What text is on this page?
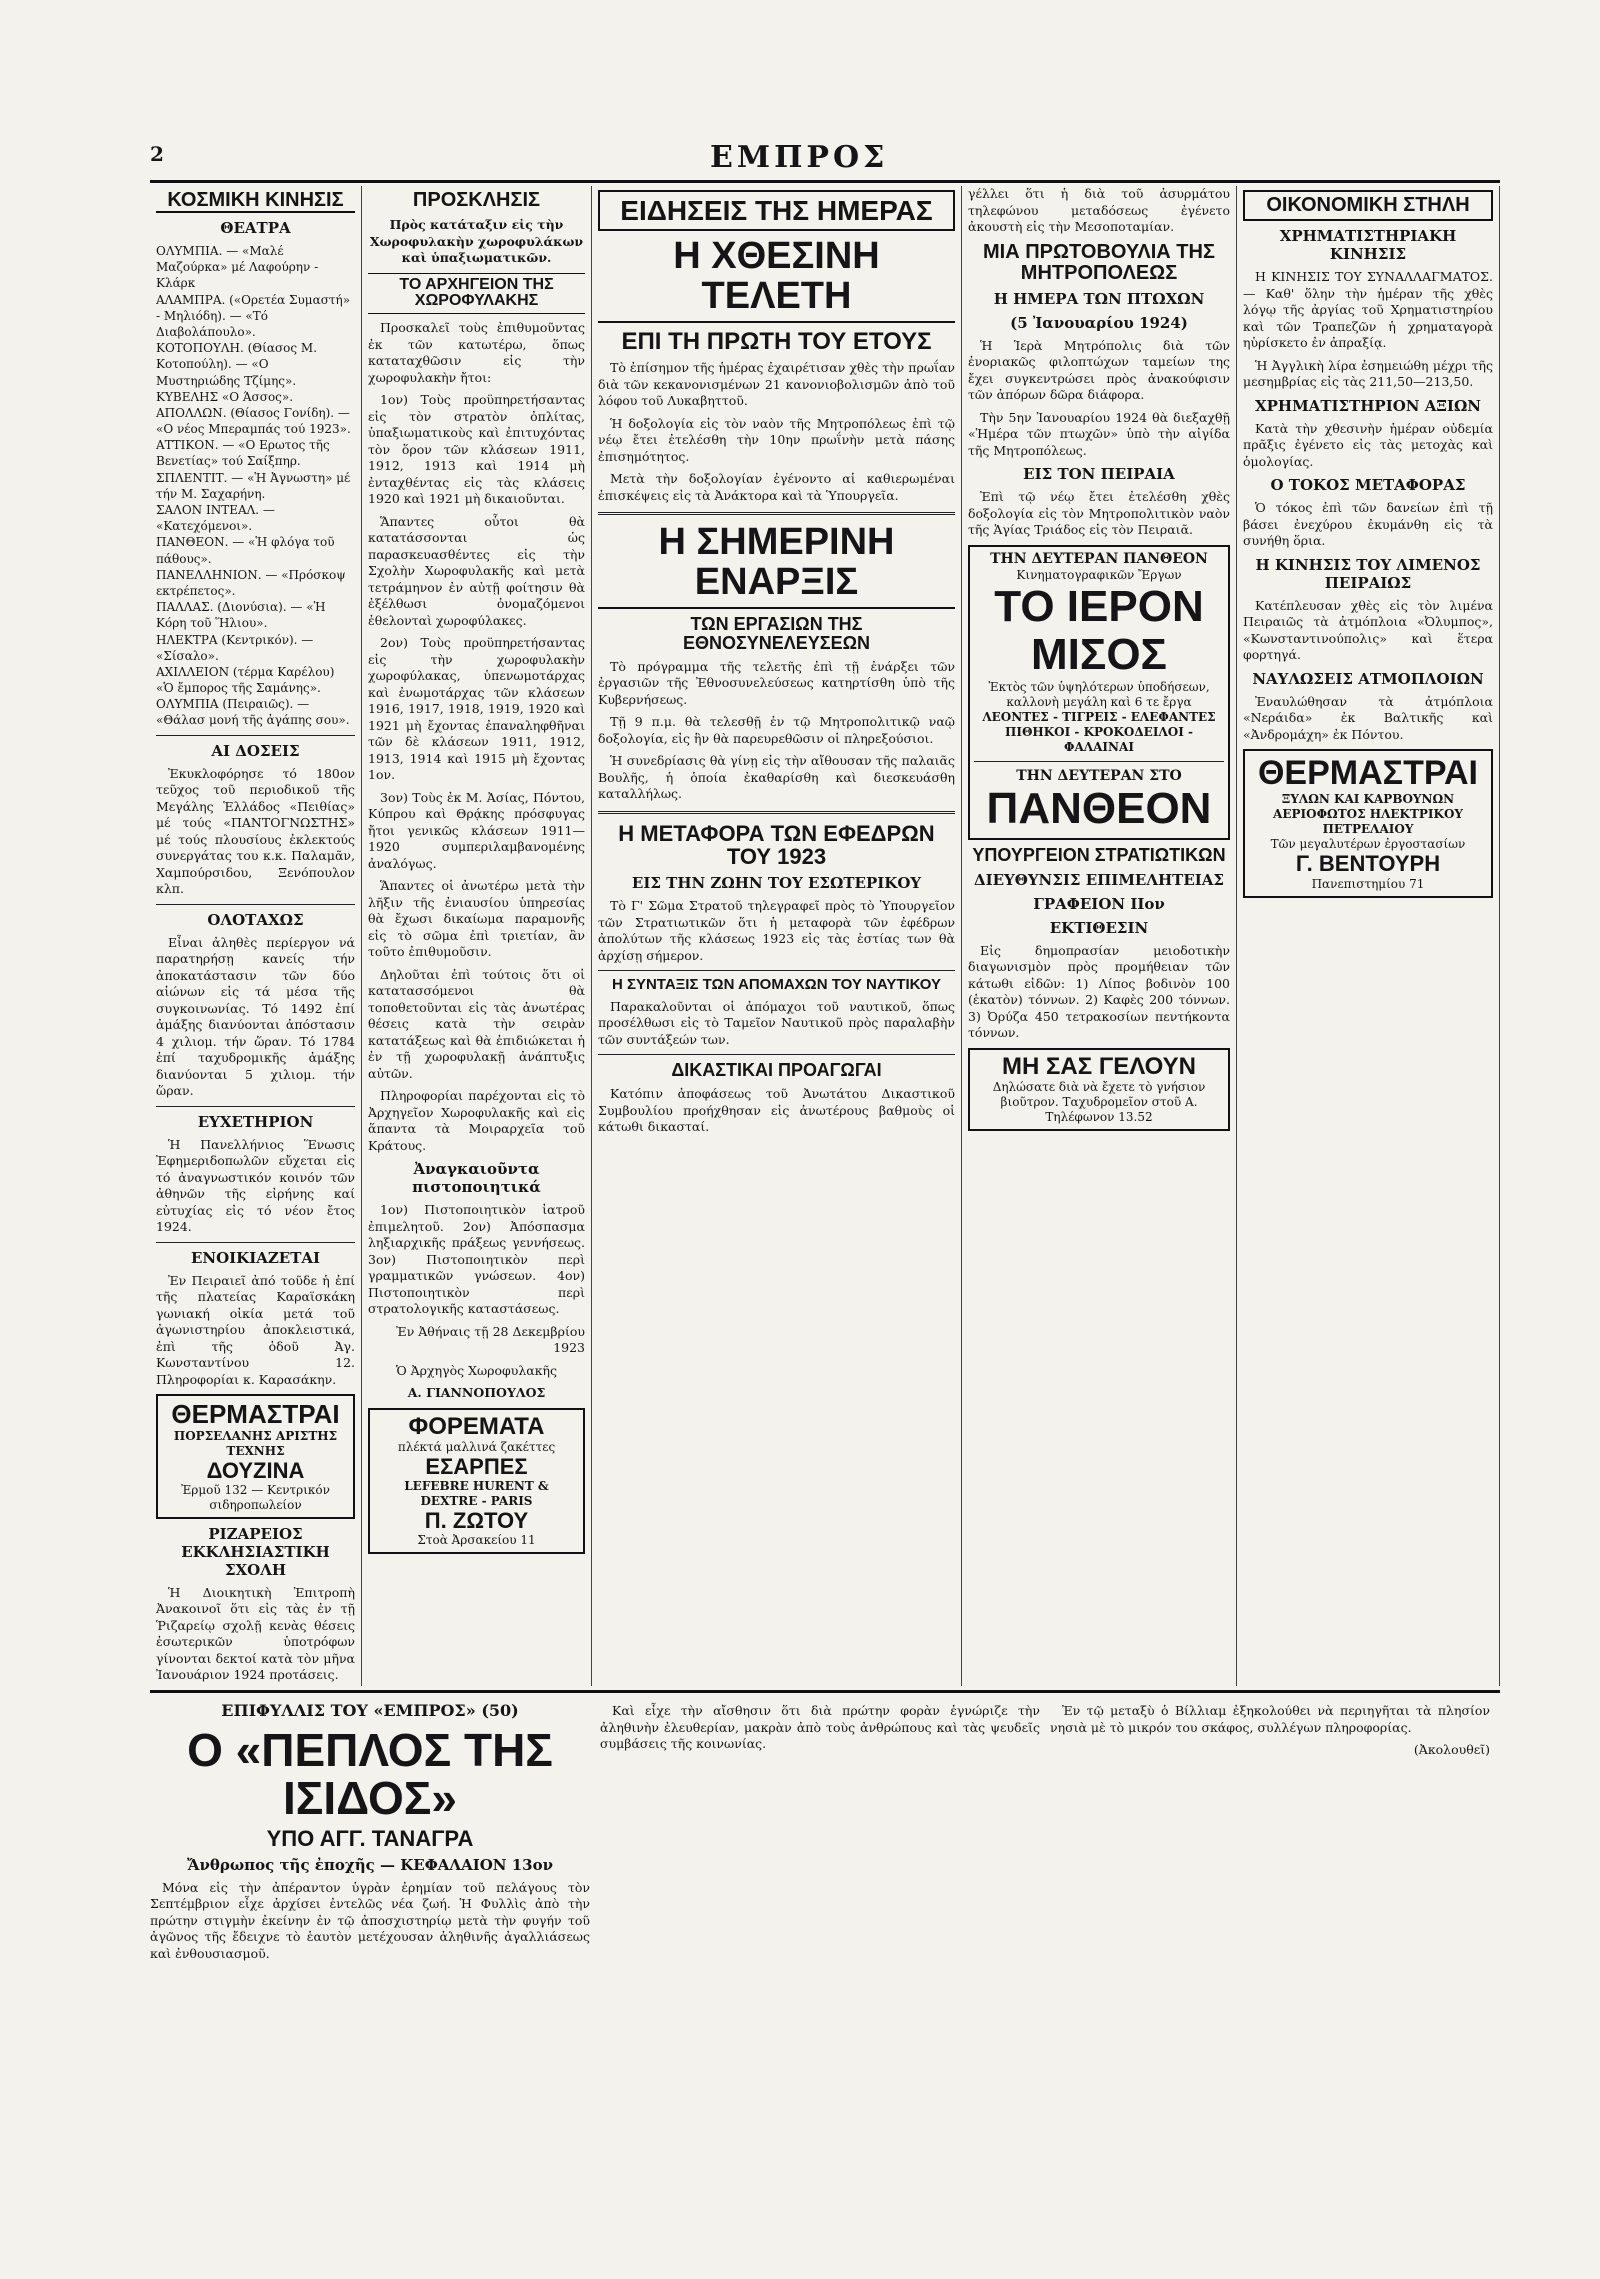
2	ΕΜΠΡΟΣ
ΚΟΣΜΙΚΗ ΚΙΝΗΣΙΣ
ΘΕΑΤΡΑ
ΟΛΥΜΠΙΑ. — «Μαλέ Μαζούρκα» μέ Λαφούρην - Κλάρκ
ΑΛΑΜΠΡΑ. («Ορετέα Συμαστή» - Μηλιόδη). — «Τό Διαβολάπουλο».
ΚΟΤΟΠΟΥΛΗ. (Θίασος Μ. Κοτοπούλη). — «Ο Μυστηριώδης Τζίμης».
ΚΥΒΕΛΗΣ «Ο Άσσος».
ΑΠΟΛΛΩΝ. (Θίασος Γονίδη). — «Ο νέος Μπεραμπάς τού 1923».
ΑΤΤΙΚΟΝ. — «Ο Ερωτος τῆς Βενετίας» τού Σαίξπηρ.
ΣΠΛΕΝΤΙΤ. — «Ἡ Ἀγνωστη» μέ τήν Μ. Σαχαρήνη.
ΣΑΛΟΝ ΙΝΤΕΑΛ. — «Κατεχόμενοι».
ΠΑΝΘΕΟΝ. — «Ἡ φλόγα τοῦ πάθους».
ΠΑΝΕΛΛΗΝΙΟΝ. — «Πρόσκοψ εκτρέπετος».
ΠΑΛΛΑΣ. (Διονύσια). — «Ἡ Κόρη τοῦ Ἥλιου».
ΗΛΕΚΤΡΑ (Κεντρικόν). — «Σίσαλο».
ΑΧΙΛΛΕΙΟΝ (τέρμα Καρέλου) «Ὁ ἔμπορος τῆς Σαμάνης».
ΟΛΥΜΠΙΑ (Πειραιῶς). — «Θάλασ μονή τῆς ἀγάπης σου».
ΑΙ ΔΟΣΕΙΣ

Ἐκυκλοφόρησε τό 180ον τεῦχος τοῦ περιοδικοῦ τῆς Μεγάλης Ἑλλάδος «Πειθίας» μέ τούς «ΠΑΝΤΟΓΝΩΣΤΗΣ» μέ τούς πλουσίους ἐκλεκτούς συνεργάτας του κ.κ. Παλαμᾶν, Χαμπούρσιδου, Ξενόπουλον κλπ.

ΟΛΟΤΑΧΩΣ

Εἶναι ἀληθὲς περίεργον νά παρατηρήσῃ κανείς τήν ἀποκατάστασιν τῶν δύο αἰώνων εἰς τά μέσα τῆς συγκοινωνίας. Τό 1492 ἐπί ἀμάξης διανύονται ἀπόστασιν 4 χιλιομ. τήν ὥραν. Τό 1784 ἐπί ταχυδρομικῆς ἀμάξης διανύονται 5 χιλιομ. τήν ὥραν.

ΕΥΧΕΤΗΡΙΟΝ

Ἡ Πανελλήνιος Ἕνωσις Ἐφημεριδοπωλῶν εὔχεται εἰς τό ἀναγνωστικόν κοινόν τῶν ἀθηνῶν τῆς εἰρήνης καί εὐτυχίας εἰς τό νέον ἔτος 1924.

ΕΝΟΙΚΙΑΖΕΤΑΙ

Ἐν Πειραιεῖ ἀπό τοῦδε ἡ ἐπί τῆς πλατείας Καραϊσκάκη γωνιακή οἰκία μετά τοῦ ἀγωνιστηρίου ἀποκλειστικά, ἐπὶ τῆς ὁδοῦ Ἀγ. Κωνσταντίνου 12. Πληροφορίαι κ. Καρασάκην.

ΘΕΡΜΑΣΤΡΑΙ
ΠΟΡΣΕΛΑΝΗΣ ΑΡΙΣΤΗΣ ΤΕΧΝΗΣ
ΔΟΥΖΙΝΑ
Ἐρμοῦ 132 — Κεντρικόν σιδηροπωλείον
ΡΙΖΑΡΕΙΟΣ ΕΚΚΛΗΣΙΑΣΤΙΚΗ ΣΧΟΛΗ

Ἡ Διοικητικὴ Ἐπιτροπὴ Ἀνακοινοῖ ὅτι εἰς τὰς ἐν τῇ Ῥιζαρείῳ σχολῇ κενὰς θέσεις ἐσωτερικῶν ὑποτρόφων γίνονται δεκτοί κατὰ τὸν μῆνα Ἰανουάριον 1924 προτάσεις.

ΠΡΟΣΚΛΗΣΙΣ

Πρὸς κατάταξιν εἰς τὴν Χωροφυλακὴν χωροφυλάκων καὶ ὑπαξιωματικῶν.

ΤΟ ΑΡΧΗΓΕΙΟΝ ΤΗΣ ΧΩΡΟΦΥΛΑΚΗΣ

Προσκαλεῖ τοὺς ἐπιθυμοῦντας ἐκ τῶν κατωτέρω, ὅπως καταταχθῶσιν εἰς τὴν χωροφυλακὴν ἤτοι:

1ον) Τοὺς προϋπηρετήσαντας εἰς τὸν στρατὸν ὀπλίτας, ὑπαξιωματικοὺς καὶ ἐπιτυχόντας τὸν ὅρον τῶν κλάσεων 1911, 1912, 1913 καὶ 1914 μὴ ἐνταχθέντας εἰς τὰς κλάσεις 1920 καὶ 1921 μὴ δικαιοῦνται.

Ἅπαντες οὗτοι θὰ κατατάσσονται ὡς παρασκευασθέντες εἰς τὴν Σχολὴν Χωροφυλακῆς καὶ μετὰ τετράμηνον ἐν αὐτῇ φοίτησιν θὰ ἐξέλθωσι ὀνομαζόμενοι ἐθελονταὶ χωροφύλακες.

2ον) Τοὺς προϋπηρετήσαντας εἰς τὴν χωροφυλακὴν χωροφύλακας, ὑπενωμοτάρχας καὶ ἐνωμοτάρχας τῶν κλάσεων 1916, 1917, 1918, 1919, 1920 καὶ 1921 μὴ ἔχοντας ἐπαναληφθῆναι τῶν δὲ κλάσεων 1911, 1912, 1913, 1914 καὶ 1915 μὴ ἔχοντας 1ον.

3ον) Τοὺς ἐκ Μ. Ἀσίας, Πόντου, Κύπρου καὶ Θρᾴκης πρόσφυγας ἤτοι γενικῶς κλάσεων 1911—1920 συμπεριλαμβανομένης ἀναλόγως.

Ἅπαντες οἱ ἀνωτέρω μετὰ τὴν λῆξιν τῆς ἐνιαυσίου ὑπηρεσίας θὰ ἔχωσι δικαίωμα παραμονῆς εἰς τὸ σῶμα ἐπὶ τριετίαν, ἂν τοῦτο ἐπιθυμοῦσιν.

Δηλοῦται ἐπὶ τούτοις ὅτι οἱ κατατασσόμενοι θὰ τοποθετοῦνται εἰς τὰς ἀνωτέρας θέσεις κατὰ τὴν σειρὰν κατατάξεως καὶ θὰ ἐπιδιώκεται ἡ ἐν τῇ χωροφυλακῇ ἀνάπτυξις αὐτῶν.

Πληροφορίαι παρέχονται εἰς τὸ Ἀρχηγεῖον Χωροφυλακῆς καὶ εἰς ἅπαντα τὰ Μοιραρχεῖα τοῦ Κράτους.

Ἀναγκαιοῦντα πιστοποιητικά

1ον) Πιστοποιητικὸν ἰατροῦ ἐπιμελητοῦ. 2ον) Ἀπόσπασμα ληξιαρχικῆς πράξεως γεννήσεως. 3ον) Πιστοποιητικὸν περὶ γραμματικῶν γνώσεων. 4ον) Πιστοποιητικὸν περὶ στρατολογικῆς καταστάσεως.

Ἐν Ἀθήναις τῇ 28 Δεκεμβρίου 1923

Ὁ Ἀρχηγὸς Χωροφυλακῆς

Α. ΓΙΑΝΝΟΠΟΥΛΟΣ

ΦΟΡΕΜΑΤΑ
πλέκτά μαλλινά ζακέττες
ΕΣΑΡΠΕΣ
LEFEBRE HURENT & DEXTRE - PARIS
Π. ΖΩΤΟΥ
Στοὰ Ἀρσακείου 11
ΕΙΔΗΣΕΙΣ ΤΗΣ ΗΜΕΡΑΣ
Η ΧΘΕΣΙΝΗ ΤΕΛΕΤΗ
ΕΠΙ ΤΗ ΠΡΩΤΗ ΤΟΥ ΕΤΟΥΣ

Τὸ ἐπίσημον τῆς ἡμέρας ἐχαιρέτισαν χθὲς τὴν πρωΐαν διὰ τῶν κεκανονισμένων 21 κανονιοβολισμῶν ἀπὸ τοῦ λόφου τοῦ Λυκαβηττοῦ.

Ἡ δοξολογία εἰς τὸν ναὸν τῆς Μητροπόλεως ἐπὶ τῷ νέῳ ἔτει ἐτελέσθη τὴν 10ην πρωΐνὴν μετὰ πάσης ἐπισημότητος.

Μετὰ τὴν δοξολογίαν ἐγένοντο αἱ καθιερωμέναι ἐπισκέψεις εἰς τὰ Ἀνάκτορα καὶ τὰ Ὑπουργεῖα.

Η ΣΗΜΕΡΙΝΗ ΕΝΑΡΞΙΣ
ΤΩΝ ΕΡΓΑΣΙΩΝ ΤΗΣ ΕΘΝΟΣΥΝΕΛΕΥΣΕΩΝ

Τὸ πρόγραμμα τῆς τελετῆς ἐπὶ τῇ ἐνάρξει τῶν ἐργασιῶν τῆς Ἐθνοσυνελεύσεως κατηρτίσθη ὑπὸ τῆς Κυβερνήσεως.

Τῇ 9 π.μ. θὰ τελεσθῇ ἐν τῷ Μητροπολιτικῷ ναῷ δοξολογία, εἰς ἣν θὰ παρευρεθῶσιν οἱ πληρεξούσιοι.

Ἡ συνεδρίασις θὰ γίνῃ εἰς τὴν αἴθουσαν τῆς παλαιᾶς Βουλῆς, ἡ ὁποία ἐκαθαρίσθη καὶ διεσκευάσθη καταλλήλως.

Η ΜΕΤΑΦΟΡΑ ΤΩΝ ΕΦΕΔΡΩΝ ΤΟΥ 1923
ΕΙΣ ΤΗΝ ΖΩΗΝ ΤΟΥ ΕΣΩΤΕΡΙΚΟΥ

Τὸ Γ' Σῶμα Στρατοῦ τηλεγραφεῖ πρὸς τὸ Ὑπουργεῖον τῶν Στρατιωτικῶν ὅτι ἡ μεταφορὰ τῶν ἐφέδρων ἀπολύτων τῆς κλάσεως 1923 εἰς τὰς ἑστίας των θὰ ἀρχίσῃ σήμερον.

Η ΣΥΝΤΑΞΙΣ ΤΩΝ ΑΠΟΜΑΧΩΝ ΤΟΥ ΝΑΥΤΙΚΟΥ

Παρακαλοῦνται οἱ ἀπόμαχοι τοῦ ναυτικοῦ, ὅπως προσέλθωσι εἰς τὸ Ταμεῖον Ναυτικοῦ πρὸς παραλαβὴν τῶν συντάξεών των.

ΔΙΚΑΣΤΙΚΑΙ ΠΡΟΑΓΩΓΑΙ

Κατόπιν ἀποφάσεως τοῦ Ἀνωτάτου Δικαστικοῦ Συμβουλίου προήχθησαν εἰς ἀνωτέρους βαθμοὺς οἱ κάτωθι δικασταί.

γέλλει ὅτι ἡ διὰ τοῦ ἀσυρμάτου τηλεφώνου μεταδόσεως ἐγένετο ἀκουστὴ εἰς τὴν Μεσοποταμίαν.

ΜΙΑ ΠΡΩΤΟΒΟΥΛΙΑ ΤΗΣ ΜΗΤΡΟΠΟΛΕΩΣ
Η ΗΜΕΡΑ ΤΩΝ ΠΤΩΧΩΝ
(5 Ἰανουαρίου 1924)

Ἡ Ἱερὰ Μητρόπολις διὰ τῶν ἐνοριακῶς φιλοπτώχων ταμείων της ἔχει συγκεντρώσει πρὸς ἀνακούφισιν τῶν ἀπόρων δῶρα διάφορα.

Τὴν 5ην Ἰανουαρίου 1924 θὰ διεξαχθῇ «Ἡμέρα τῶν πτωχῶν» ὑπὸ τὴν αἰγίδα τῆς Μητροπόλεως.

ΕΙΣ ΤΟΝ ΠΕΙΡΑΙΑ

Ἐπὶ τῷ νέῳ ἔτει ἐτελέσθη χθὲς δοξολογία εἰς τὸν Μητροπολιτικὸν ναὸν τῆς Ἁγίας Τριάδος εἰς τὸν Πειραιᾶ.

ΤΗΝ ΔΕΥΤΕΡΑΝ ΠΑΝΘΕΟΝ
Κινηματογραφικῶν Ἔργων
ΤΟ ΙΕΡΟΝ ΜΙΣΟΣ
Ἐκτὸς τῶν ὑψηλότερων ὑποδήσεων, καλλονὴ μεγάλη καὶ 6 τε ἔργα
ΛΕΟΝΤΕΣ - ΤΙΓΡΕΙΣ - ΕΛΕΦΑΝΤΕΣ ΠΙΘΗΚΟΙ - ΚΡΟΚΟΔΕΙΛΟΙ - ΦΑΛΑΙΝΑΙ
ΤΗΝ ΔΕΥΤΕΡΑΝ ΣΤΟ
ΠΑΝΘΕΟΝ
ΥΠΟΥΡΓΕΙΟΝ ΣΤΡΑΤΙΩΤΙΚΩΝ
ΔΙΕΥΘΥΝΣΙΣ ΕΠΙΜΕΛΗΤΕΙΑΣ
ΓΡΑΦΕΙΟΝ ΙΙον
ΕΚΤΙΘΕΣΙΝ

Εἰς δημοπρασίαν μειοδοτικὴν διαγωνισμὸν πρὸς προμήθειαν τῶν κάτωθι εἰδῶν: 1) Λίπος βοδινὸν 100 (ἑκατὸν) τόννων. 2) Καφὲς 200 τόννων. 3) Ὀρύζα 450 τετρακοσίων πεντήκοντα τόννων.

ΜΗ ΣΑΣ ΓΕΛΟΥΝ
Δηλώσατε διὰ νὰ ἔχετε τὸ γνήσιον βιοῦτρον. Ταχυδρομεῖον στοῦ Α. Τηλέφωνον 13.52
ΟΙΚΟΝΟΜΙΚΗ ΣΤΗΛΗ
ΧΡΗΜΑΤΙΣΤΗΡΙΑΚΗ ΚΙΝΗΣΙΣ

Η ΚΙΝΗΣΙΣ ΤΟΥ ΣΥΝΑΛΛΑΓΜΑΤΟΣ. — Καθ' ὅλην τὴν ἡμέραν τῆς χθὲς λόγῳ τῆς ἀργίας τοῦ Χρηματιστηρίου καὶ τῶν Τραπεζῶν ἡ χρηματαγορὰ ηὑρίσκετο ἐν ἀπραξίᾳ.

Ἡ Ἀγγλικὴ λίρα ἐσημειώθη μέχρι τῆς μεσημβρίας εἰς τὰς 211,50—213,50.

ΧΡΗΜΑΤΙΣΤΗΡΙΟΝ ΑΞΙΩΝ

Κατὰ τὴν χθεσινὴν ἡμέραν οὐδεμία πρᾶξις ἐγένετο εἰς τὰς μετοχὰς καὶ ὁμολογίας.

Ο ΤΟΚΟΣ ΜΕΤΑΦΟΡΑΣ

Ὁ τόκος ἐπὶ τῶν δανείων ἐπὶ τῇ βάσει ἐνεχύρου ἐκυμάνθη εἰς τὰ συνήθη ὅρια.

Η ΚΙΝΗΣΙΣ ΤΟΥ ΛΙΜΕΝΟΣ ΠΕΙΡΑΙΩΣ

Κατέπλευσαν χθὲς εἰς τὸν λιμένα Πειραιῶς τὰ ἀτμόπλοια «Ὀλυμπος», «Κωνσταντινούπολις» καὶ ἕτερα φορτηγά.

ΝΑΥΛΩΣΕΙΣ ΑΤΜΟΠΛΟΙΩΝ

Ἐναυλώθησαν τὰ ἀτμόπλοια «Νεράιδα» ἐκ Βαλτικῆς καὶ «Ἀνδρομάχη» ἐκ Πόντου.

ΘΕΡΜΑΣΤΡΑΙ
ΞΥΛΩΝ ΚΑΙ ΚΑΡΒΟΥΝΩΝ ΑΕΡΙΟΦΩΤΟΣ ΗΛΕΚΤΡΙΚΟΥ ΠΕΤΡΕΛΑΙΟΥ
Τῶν μεγαλυτέρων ἐργοστασίων
Γ. ΒΕΝΤΟΥΡΗ
Πανεπιστημίου 71
ΕΠΙΦΥΛΛΙΣ ΤΟΥ «ΕΜΠΡΟΣ» (50)
Ο «ΠΕΠΛΟΣ ΤΗΣ ΙΣΙΔΟΣ»
ΥΠΟ ΑΓΓ. ΤΑΝΑΓΡΑ
Ἄνθρωπος τῆς ἐποχῆς — ΚΕΦΑΛΑΙΟΝ 13ον

Μόνα εἰς τὴν ἀπέραντον ὑγρὰν ἐρημίαν τοῦ πελάγους τὸν Σεπτέμβριον εἶχε ἀρχίσει ἐντελῶς νέα ζωή. Ἡ Φυλλὶς ἀπὸ τὴν πρώτην στιγμὴν ἐκείνην ἐν τῷ ἀποσχιστηρίῳ μετὰ τὴν φυγήν τοῦ ἀγῶνος τῆς ἔδειχνε τὸ ἑαυτὸν μετέχουσαν ἀληθινῆς ἀγαλλιάσεως καὶ ἐνθουσιασμοῦ.

Καὶ εἶχε τὴν αἴσθησιν ὅτι διὰ πρώτην φορὰν ἐγνώριζε τὴν ἀληθινὴν ἐλευθερίαν, μακρὰν ἀπὸ τοὺς ἀνθρώπους καὶ τὰς ψευδεῖς συμβάσεις τῆς κοινωνίας.

Ἐν τῷ μεταξὺ ὁ Βίλλιαμ ἐξηκολούθει νὰ περιηγῆται τὰ πλησίον νησιὰ μὲ τὸ μικρόν του σκάφος, συλλέγων πληροφορίας.

(Ἀκολουθεῖ)
